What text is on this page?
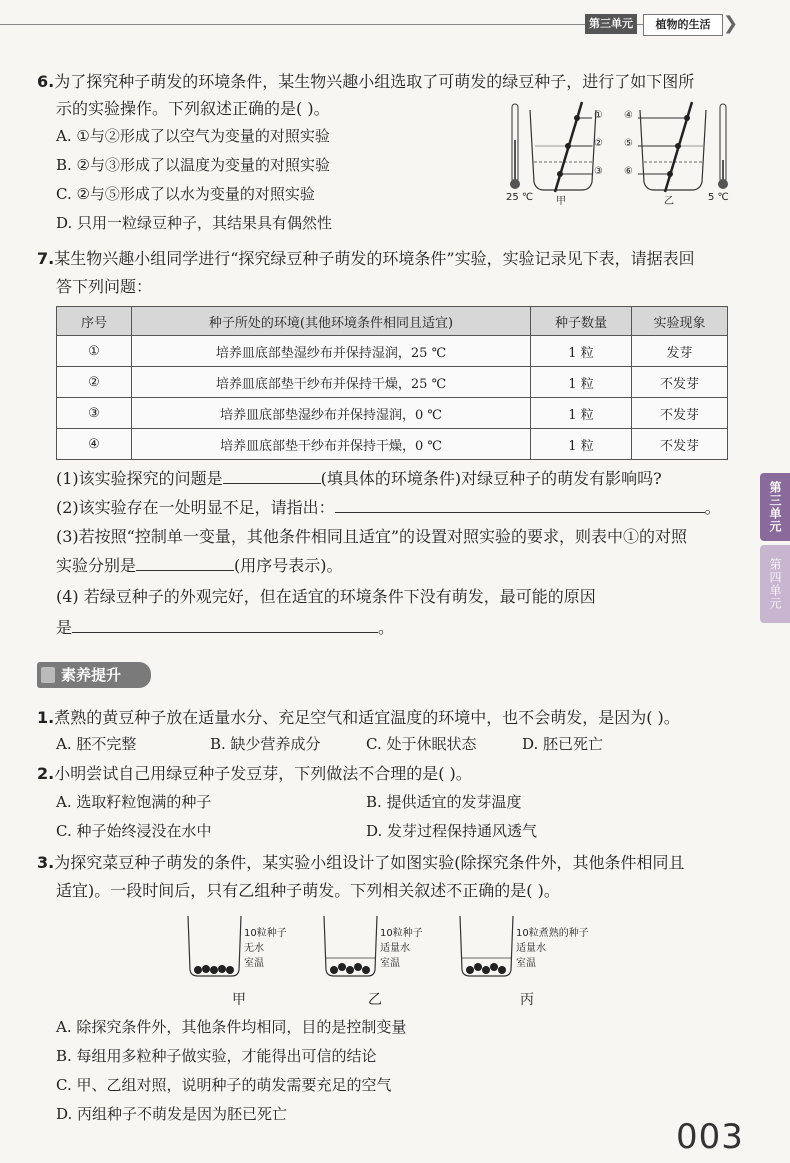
第三单元	植物的生活 ❯
第三单元
第四单元
6.为了探究种子萌发的环境条件，某生物兴趣小组选取了可萌发的绿豆种子，进行了如下图所
示的实验操作。下列叙述正确的是( )。
A. ①与②形成了以空气为变量的对照实验
B. ②与③形成了以温度为变量的对照实验
C. ②与⑤形成了以水为变量的对照实验
D. 只用一粒绿豆种子，其结果具有偶然性
①
②
③
④
⑤
⑥
25 ℃ 甲	乙	5 ℃
7.某生物兴趣小组同学进行“探究绿豆种子萌发的环境条件”实验，实验记录见下表，请据表回
答下列问题：
序号	种子所处的环境(其他环境条件相同且适宜)	种子数量	实验现象
①	培养皿底部垫湿纱布并保持湿润，25 ℃	1 粒	发芽
②	培养皿底部垫干纱布并保持干燥，25 ℃	1 粒	不发芽
③	培养皿底部垫湿纱布并保持湿润，0 ℃	1 粒	不发芽
④	培养皿底部垫干纱布并保持干燥，0 ℃	1 粒	不发芽
(1)该实验探究的问题是	(填具体的环境条件)对绿豆种子的萌发有影响吗?
(2)该实验存在一处明显不足，请指出：	。
(3)若按照“控制单一变量，其他条件相同且适宜”的设置对照实验的要求，则表中①的对照
实验分别是	(用序号表示)。
(4) 若绿豆种子的外观完好，但在适宜的环境条件下没有萌发，最可能的原因
是	。
素养提升
1.煮熟的黄豆种子放在适量水分、充足空气和适宜温度的环境中，也不会萌发，是因为( )。
A. 胚不完整	B. 缺少营养成分	C. 处于休眠状态	D. 胚已死亡
2.小明尝试自己用绿豆种子发豆芽，下列做法不合理的是( )。
A. 选取籽粒饱满的种子	B. 提供适宜的发芽温度
C. 种子始终浸没在水中	D. 发芽过程保持通风透气
3.为探究菜豆种子萌发的条件，某实验小组设计了如图实验(除探究条件外，其他条件相同且
适宜)。一段时间后，只有乙组种子萌发。下列相关叙述不正确的是( )。
10粒种子
无水
室温
10粒种子
适量水
室温
10粒煮熟的种子
适量水
室温
甲	乙	丙
A. 除探究条件外，其他条件均相同，目的是控制变量
B. 每组用多粒种子做实验，才能得出可信的结论
C. 甲、乙组对照，说明种子的萌发需要充足的空气
D. 丙组种子不萌发是因为胚已死亡
003
